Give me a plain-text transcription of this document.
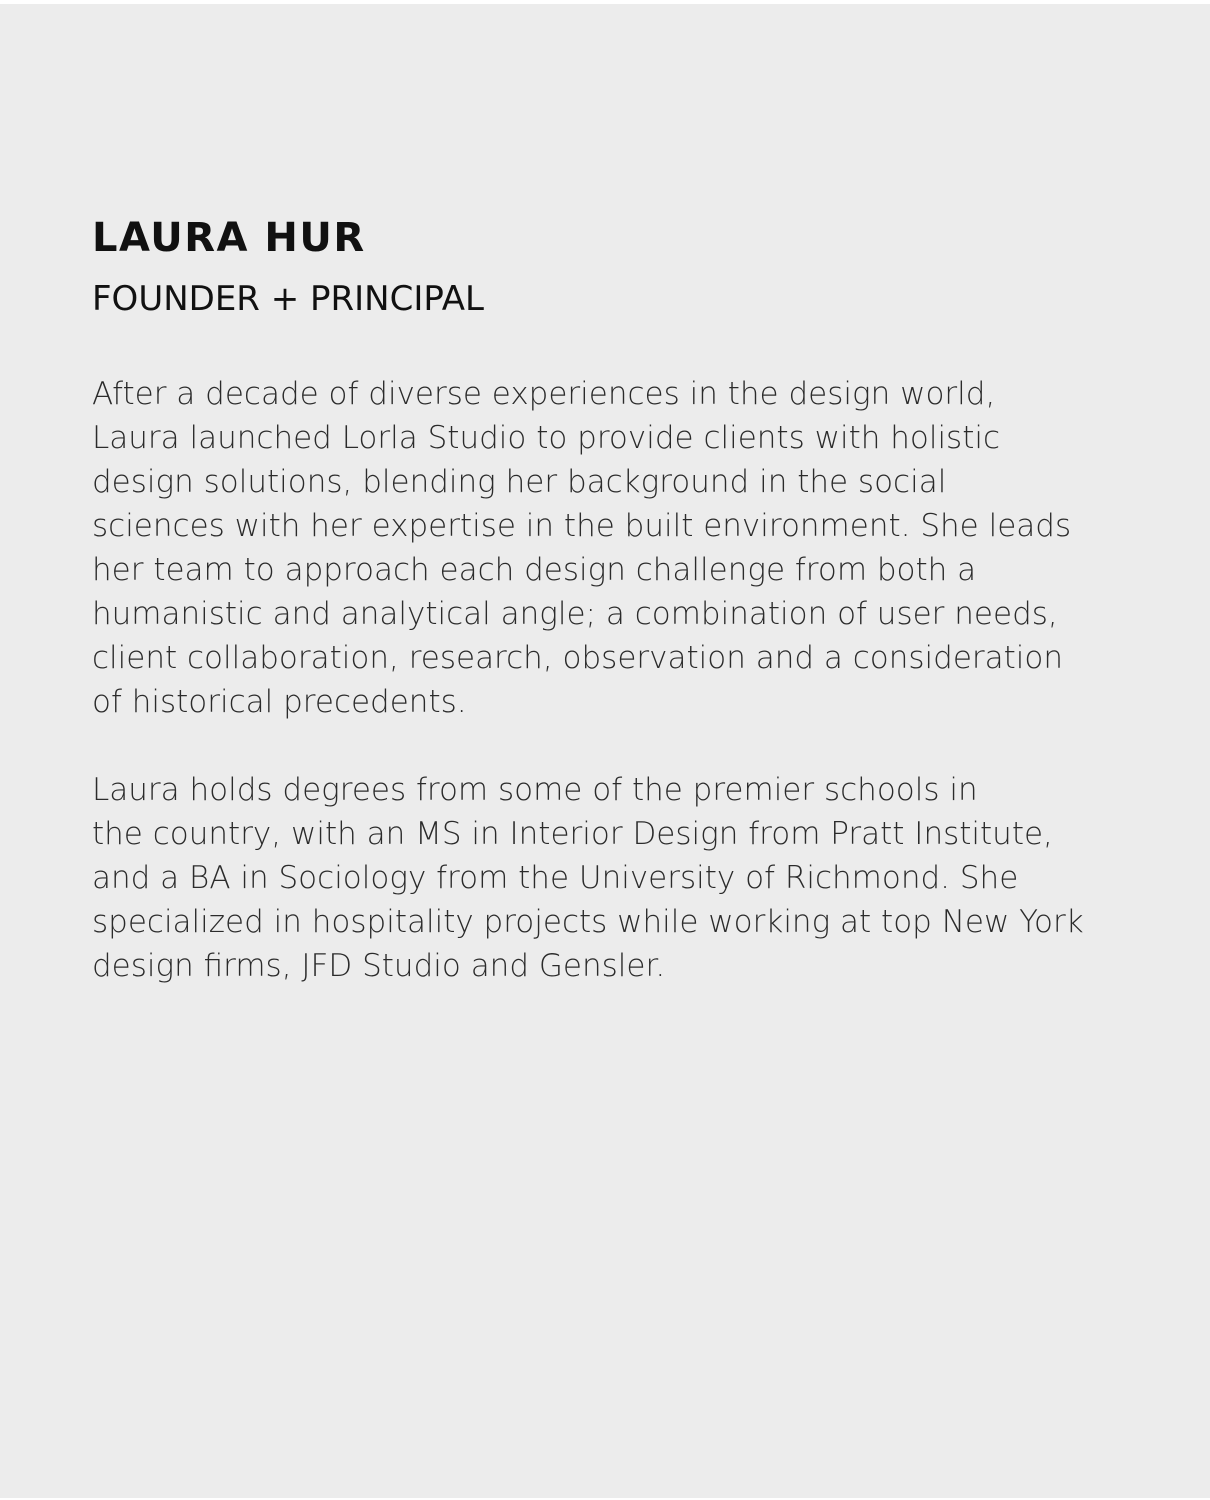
LAURA HUR
FOUNDER + PRINCIPAL

After a decade of diverse experiences in the design world,
Laura launched Lorla Studio to provide clients with holistic
design solutions, blending her background in the social
sciences with her expertise in the built environment. She leads
her team to approach each design challenge from both a
humanistic and analytical angle; a combination of user needs,
client collaboration, research, observation and a consideration
of historical precedents.

Laura holds degrees from some of the premier schools in
the country, with an MS in Interior Design from Pratt Institute,
and a BA in Sociology from the University of Richmond. She
specialized in hospitality projects while working at top New York
design firms, JFD Studio and Gensler.
